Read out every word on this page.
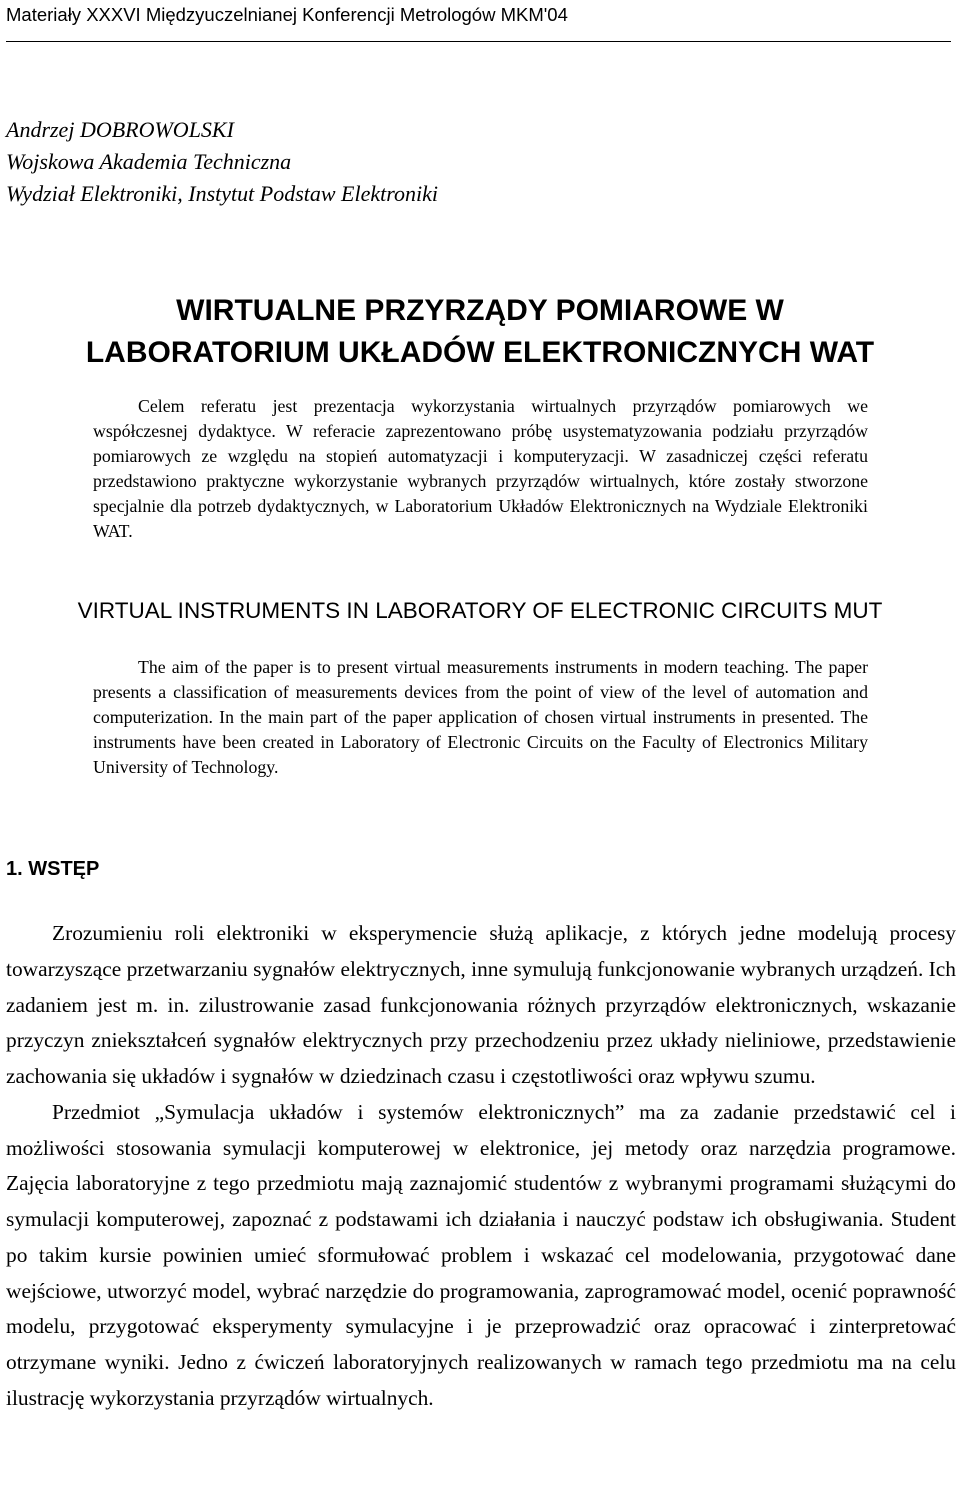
Materiały XXXVI Międzyuczelnianej Konferencji Metrologów MKM'04
Andrzej DOBROWOLSKI
Wojskowa Akademia Techniczna
Wydział Elektroniki, Instytut Podstaw Elektroniki
WIRTUALNE PRZYRZĄDY POMIAROWE W
LABORATORIUM UKŁADÓW ELEKTRONICZNYCH WAT
Celem referatu jest prezentacja wykorzystania wirtualnych przyrządów pomiarowych we współczesnej dydaktyce. W referacie zaprezentowano próbę usystematyzowania podziału przyrządów pomiarowych ze względu na stopień automatyzacji i komputeryzacji. W zasadniczej części referatu przedstawiono praktyczne wykorzystanie wybranych przyrządów wirtualnych, które zostały stworzone specjalnie dla potrzeb dydaktycznych, w Laboratorium Układów Elektronicznych na Wydziale Elektroniki WAT.
VIRTUAL INSTRUMENTS IN LABORATORY OF ELECTRONIC CIRCUITS MUT
The aim of the paper is to present virtual measurements instruments in modern teaching. The paper presents a classification of measurements devices from the point of view of the level of automation and computerization. In the main part of the paper application of chosen virtual instruments in presented. The instruments have been created in Laboratory of Electronic Circuits on the Faculty of Electronics Military University of Technology.
1. WSTĘP

Zrozumieniu roli elektroniki w eksperymencie służą aplikacje, z których jedne modelują procesy towarzyszące przetwarzaniu sygnałów elektrycznych, inne symulują funkcjonowanie wybranych urządzeń. Ich zadaniem jest m. in. zilustrowanie zasad funkcjonowania różnych przyrządów elektronicznych, wskazanie przyczyn zniekształceń sygnałów elektrycznych przy przechodzeniu przez układy nieliniowe, przedstawienie zachowania się układów i sygnałów w dziedzinach czasu i częstotliwości oraz wpływu szumu.

Przedmiot „Symulacja układów i systemów elektronicznych” ma za zadanie przedstawić cel i możliwości stosowania symulacji komputerowej w elektronice, jej metody oraz narzędzia programowe. Zajęcia laboratoryjne z tego przedmiotu mają zaznajomić studentów z wybranymi programami służącymi do symulacji komputerowej, zapoznać z podstawami ich działania i nauczyć podstaw ich obsługiwania. Student po takim kursie powinien umieć sformułować problem i wskazać cel modelowania, przygotować dane wejściowe, utworzyć model, wybrać narzędzie do programowania, zaprogramować model, ocenić poprawność modelu, przygotować eksperymenty symulacyjne i je przeprowadzić oraz opracować i zinterpretować otrzymane wyniki. Jedno z ćwiczeń laboratoryjnych realizowanych w ramach tego przedmiotu ma na celu ilustrację wykorzystania przyrządów wirtualnych.
